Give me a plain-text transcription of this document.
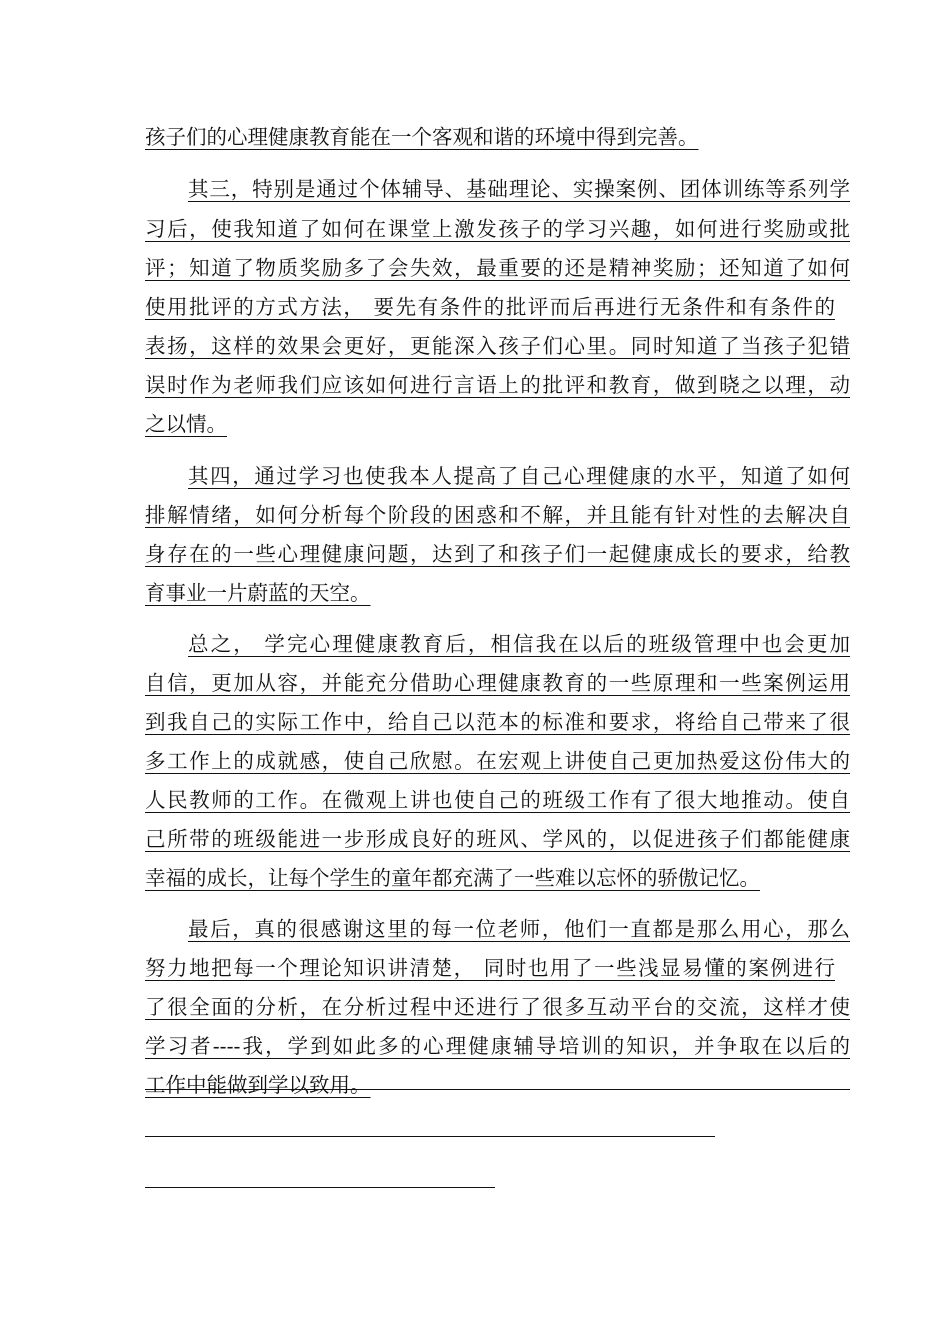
孩子们的心理健康教育能在一个客观和谐的环境中得到完善。
其三，特别是通过个体辅导、基础理论、实操案例、团体训练等系列学
习后，使我知道了如何在课堂上激发孩子的学习兴趣，如何进行奖励或批
评；知道了物质奖励多了会失效，最重要的还是精神奖励；还知道了如何
使用批评的方式方法， 要先有条件的批评而后再进行无条件和有条件的
表扬，这样的效果会更好，更能深入孩子们心里。同时知道了当孩子犯错
误时作为老师我们应该如何进行言语上的批评和教育，做到晓之以理，动
之以情。
其四，通过学习也使我本人提高了自己心理健康的水平，知道了如何
排解情绪，如何分析每个阶段的困惑和不解，并且能有针对性的去解决自
身存在的一些心理健康问题，达到了和孩子们一起健康成长的要求，给教
育事业一片蔚蓝的天空。
总之， 学完心理健康教育后，相信我在以后的班级管理中也会更加
自信，更加从容，并能充分借助心理健康教育的一些原理和一些案例运用
到我自己的实际工作中，给自己以范本的标准和要求，将给自己带来了很
多工作上的成就感，使自己欣慰。在宏观上讲使自己更加热爱这份伟大的
人民教师的工作。在微观上讲也使自己的班级工作有了很大地推动。使自
己所带的班级能进一步形成良好的班风、学风的，以促进孩子们都能健康
幸福的成长，让每个学生的童年都充满了一些难以忘怀的骄傲记忆。
最后，真的很感谢这里的每一位老师，他们一直都是那么用心，那么
努力地把每一个理论知识讲清楚， 同时也用了一些浅显易懂的案例进行
了很全面的分析，在分析过程中还进行了很多互动平台的交流，这样才使
学习者----我，学到如此多的心理健康辅导培训的知识，并争取在以后的
工作中能做到学以致用。
